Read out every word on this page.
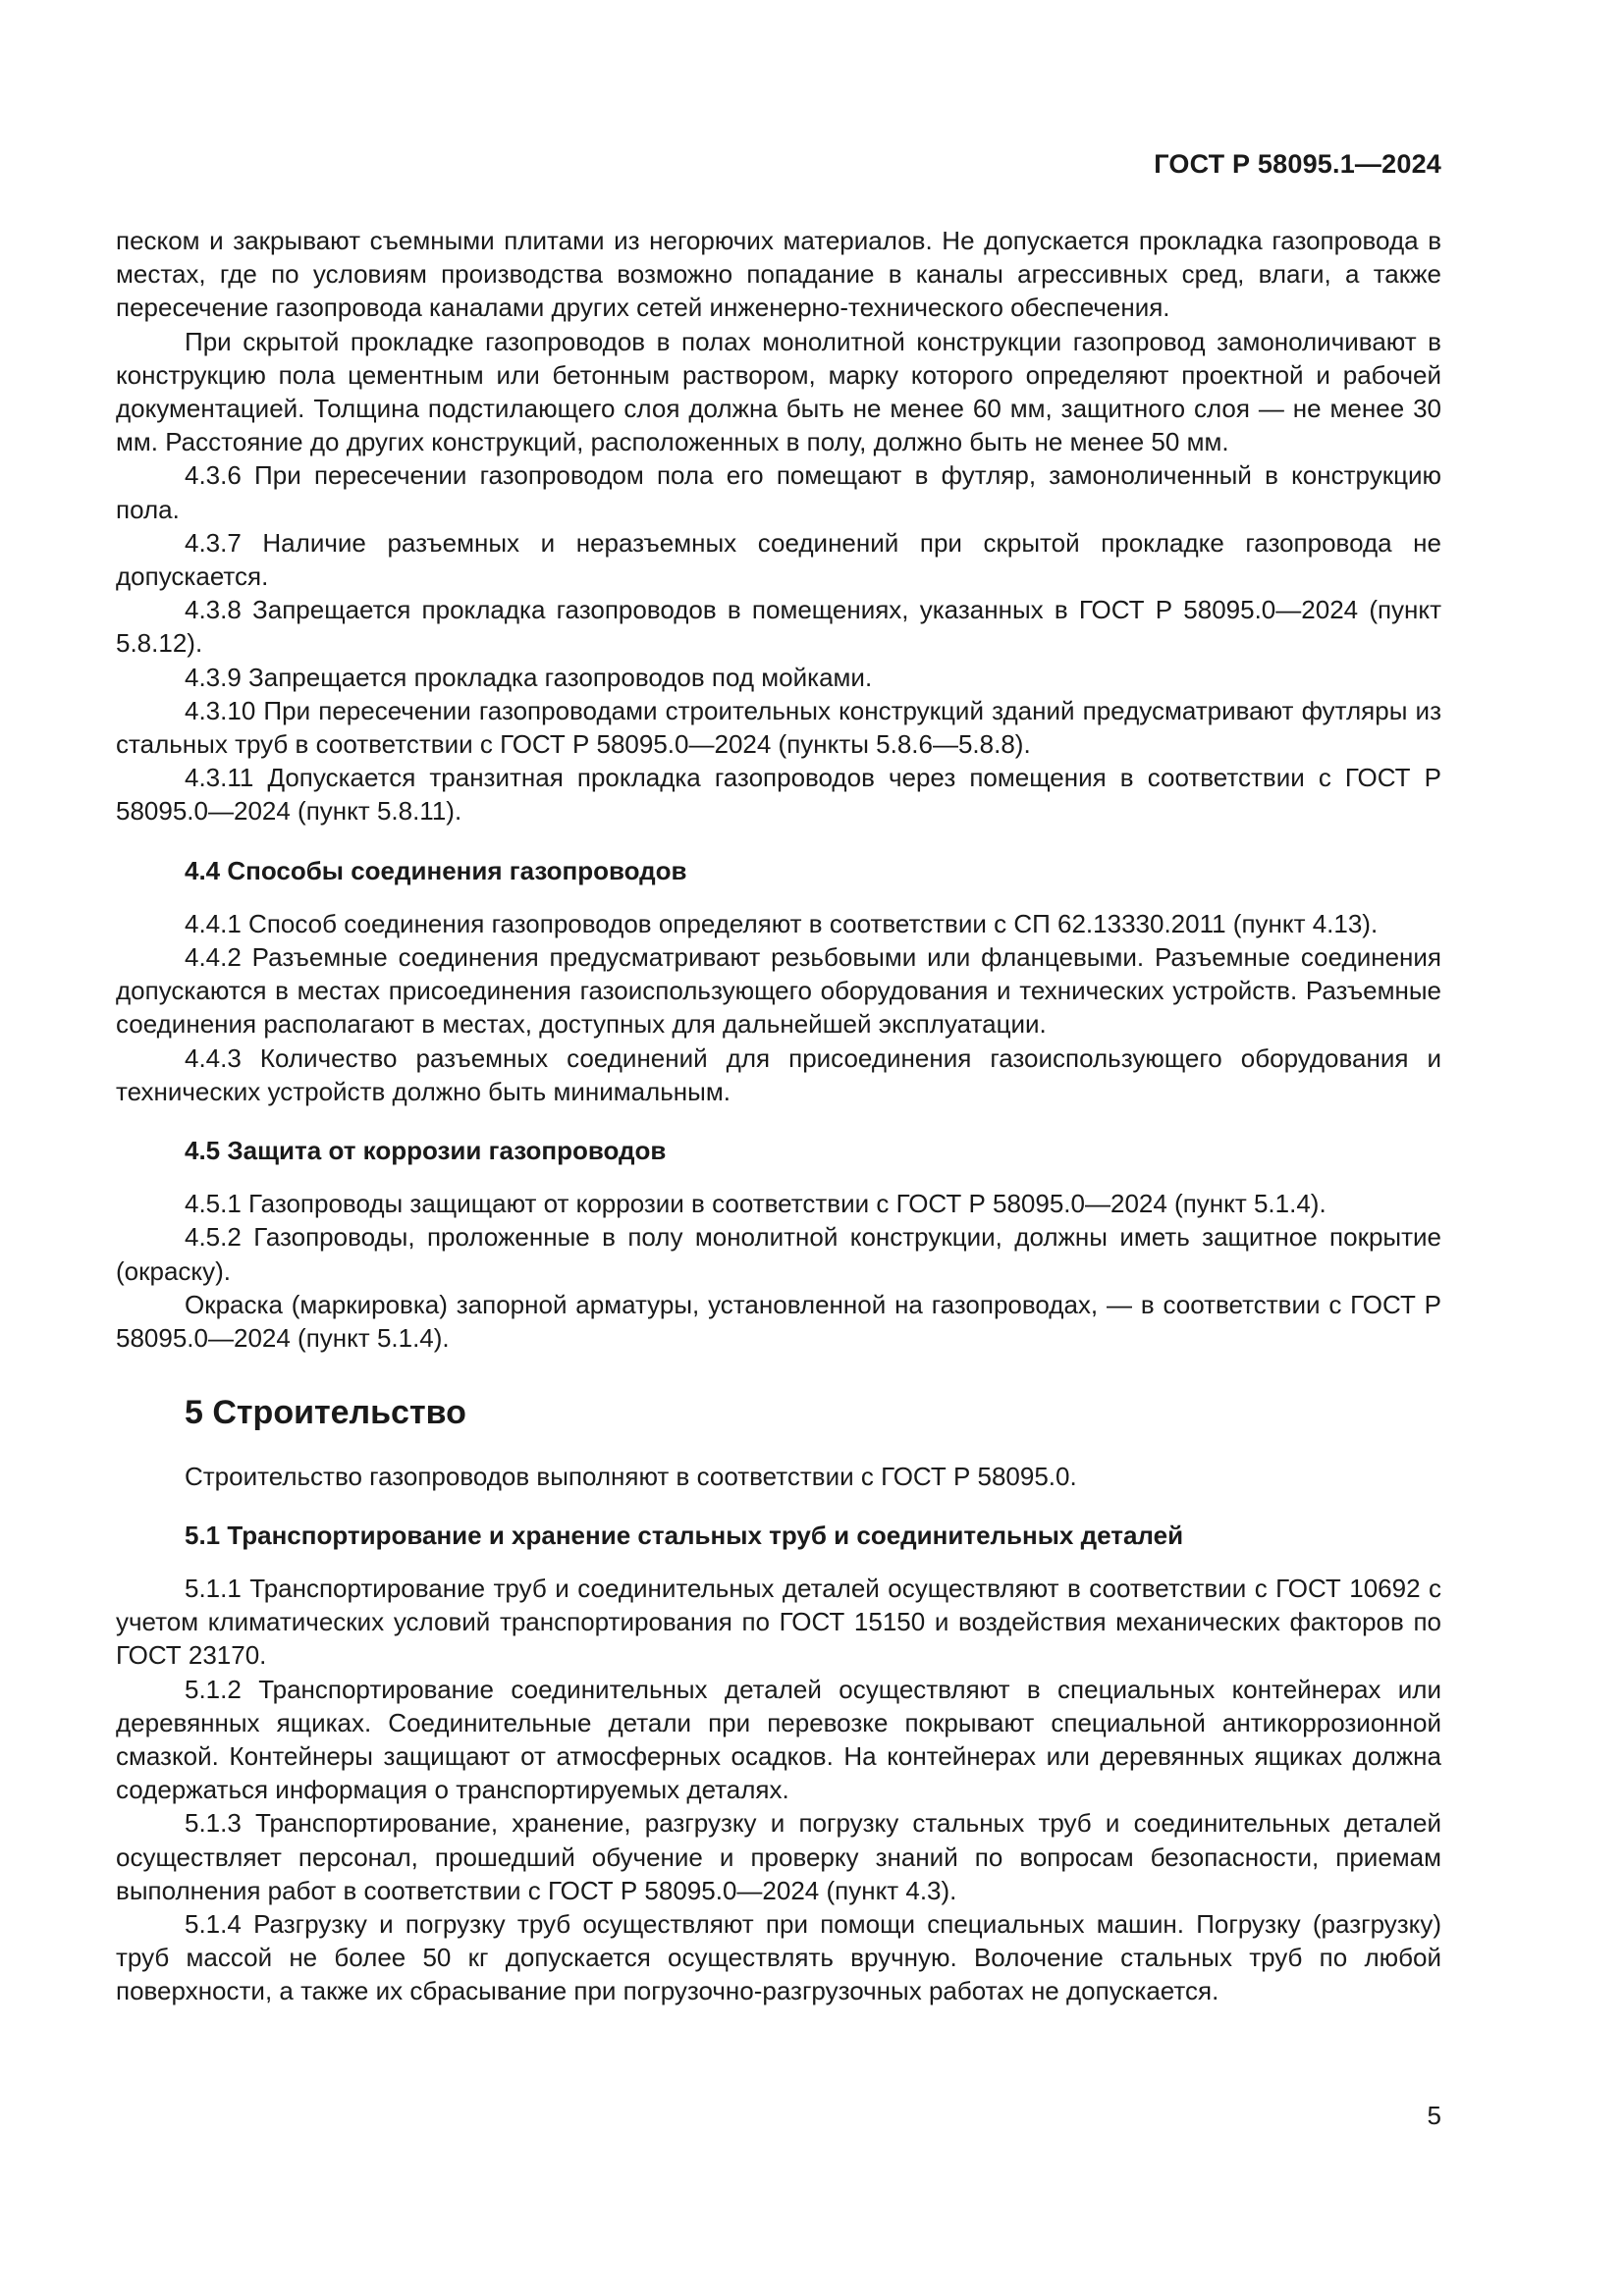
ГОСТ Р 58095.1—2024

песком и закрывают съемными плитами из негорючих материалов. Не допускается прокладка газопровода в местах, где по условиям производства возможно попадание в каналы агрессивных сред, влаги, а также пересечение газопровода каналами других сетей инженерно-технического обеспечения.

При скрытой прокладке газопроводов в полах монолитной конструкции газопровод замоноличивают в конструкцию пола цементным или бетонным раствором, марку которого определяют проектной и рабочей документацией. Толщина подстилающего слоя должна быть не менее 60 мм, защитного слоя — не менее 30 мм. Расстояние до других конструкций, расположенных в полу, должно быть не менее 50 мм.

4.3.6 При пересечении газопроводом пола его помещают в футляр, замоноличенный в конструкцию пола.

4.3.7 Наличие разъемных и неразъемных соединений при скрытой прокладке газопровода не допускается.

4.3.8 Запрещается прокладка газопроводов в помещениях, указанных в ГОСТ Р 58095.0—2024 (пункт 5.8.12).

4.3.9 Запрещается прокладка газопроводов под мойками.

4.3.10 При пересечении газопроводами строительных конструкций зданий предусматривают футляры из стальных труб в соответствии с ГОСТ Р 58095.0—2024 (пункты 5.8.6—5.8.8).

4.3.11 Допускается транзитная прокладка газопроводов через помещения в соответствии с ГОСТ Р 58095.0—2024 (пункт 5.8.11).

4.4 Способы соединения газопроводов

4.4.1 Способ соединения газопроводов определяют в соответствии с СП 62.13330.2011 (пункт 4.13).

4.4.2 Разъемные соединения предусматривают резьбовыми или фланцевыми. Разъемные соединения допускаются в местах присоединения газоиспользующего оборудования и технических устройств. Разъемные соединения располагают в местах, доступных для дальнейшей эксплуатации.

4.4.3 Количество разъемных соединений для присоединения газоиспользующего оборудования и технических устройств должно быть минимальным.

4.5 Защита от коррозии газопроводов

4.5.1 Газопроводы защищают от коррозии в соответствии с ГОСТ Р 58095.0—2024 (пункт 5.1.4).

4.5.2 Газопроводы, проложенные в полу монолитной конструкции, должны иметь защитное покрытие (окраску).

Окраска (маркировка) запорной арматуры, установленной на газопроводах, — в соответствии с ГОСТ Р 58095.0—2024 (пункт 5.1.4).

5 Строительство

Строительство газопроводов выполняют в соответствии с ГОСТ Р 58095.0.

5.1 Транспортирование и хранение стальных труб и соединительных деталей

5.1.1 Транспортирование труб и соединительных деталей осуществляют в соответствии с ГОСТ 10692 с учетом климатических условий транспортирования по ГОСТ 15150 и воздействия механических факторов по ГОСТ 23170.

5.1.2 Транспортирование соединительных деталей осуществляют в специальных контейнерах или деревянных ящиках. Соединительные детали при перевозке покрывают специальной антикоррозионной смазкой. Контейнеры защищают от атмосферных осадков. На контейнерах или деревянных ящиках должна содержаться информация о транспортируемых деталях.

5.1.3 Транспортирование, хранение, разгрузку и погрузку стальных труб и соединительных деталей осуществляет персонал, прошедший обучение и проверку знаний по вопросам безопасности, приемам выполнения работ в соответствии с ГОСТ Р 58095.0—2024 (пункт 4.3).

5.1.4 Разгрузку и погрузку труб осуществляют при помощи специальных машин. Погрузку (разгрузку) труб массой не более 50 кг допускается осуществлять вручную. Волочение стальных труб по любой поверхности, а также их сбрасывание при погрузочно-разгрузочных работах не допускается.

5
